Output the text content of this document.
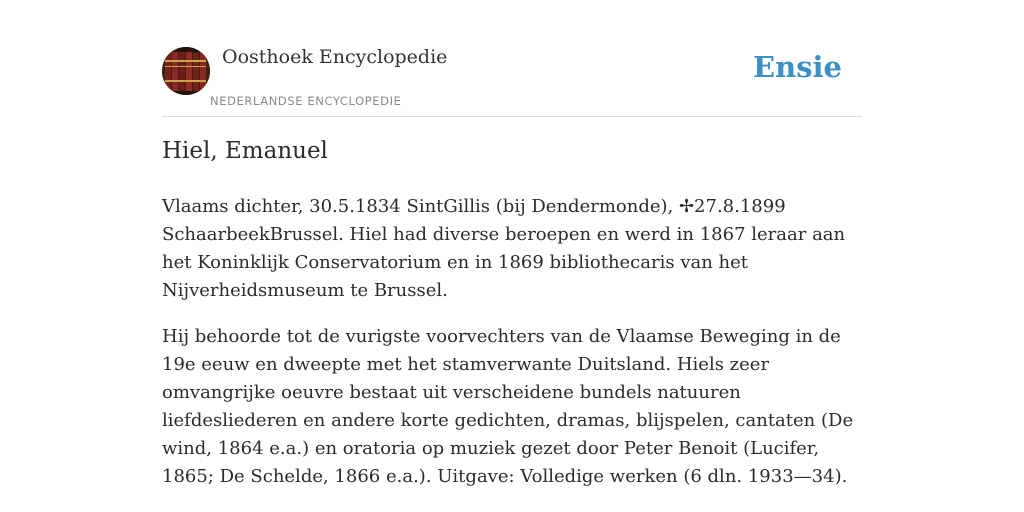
Oosthoek Encyclopedie
NEDERLANDSE ENCYCLOPEDIE
Ensie
Hiel, Emanuel

Vlaams dichter, 30.5.1834 SintGillis (bij Dendermonde), ✢27.8.1899 SchaarbeekBrussel. Hiel had diverse beroepen en werd in 1867 leraar aan het Koninklijk Conservatorium en in 1869 bibliothecaris van het Nijverheidsmuseum te Brussel.

Hij behoorde tot de vurigste voorvechters van de Vlaamse Beweging in de 19e eeuw en dweepte met het stamverwante Duitsland. Hiels zeer omvangrijke oeuvre bestaat uit verscheidene bundels natuuren liefdesliederen en andere korte gedichten, dramas, blijspelen, cantaten (De wind, 1864 e.a.) en oratoria op muziek gezet door Peter Benoit (Lucifer, 1865; De Schelde, 1866 e.a.). Uitgave: Volledige werken (6 dln. 1933—34).
